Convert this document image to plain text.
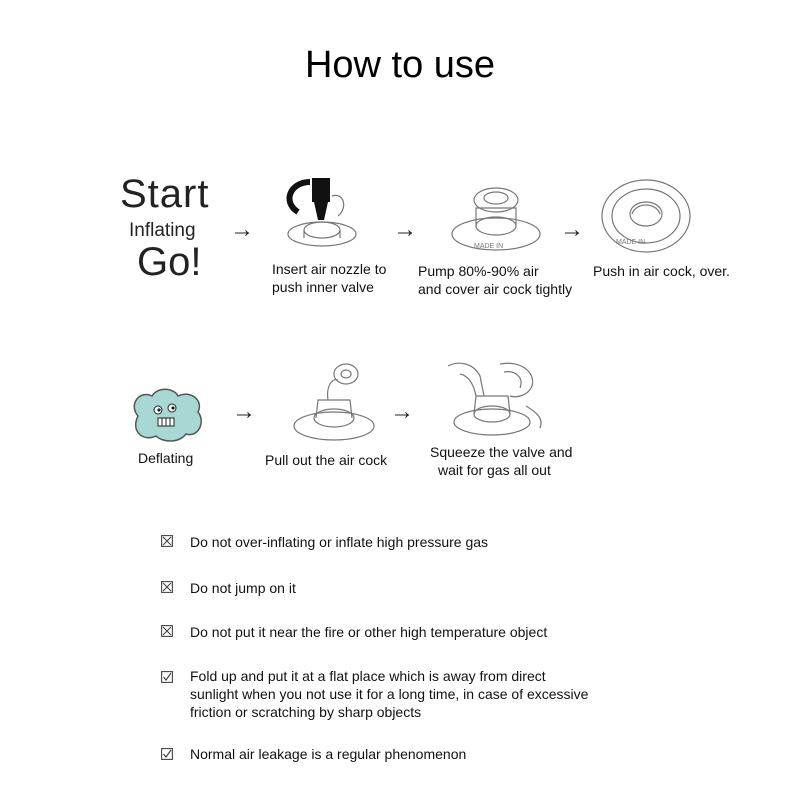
How to use
Start
Inflating
Go!
→	→	→
Insert air nozzle to
push inner valve
MADE IN
Pump 80%-90% air
and cover air cock tightly
MADE IN
Push in air cock, over.
Deflating
→	→
Pull out the air cock	Squeeze the valve and
wait for gas all out
Do not over-inflating or inflate high pressure gas
Do not jump on it
Do not put it near the fire or other high temperature object
Fold up and put it at a flat place which is away from direct
sunlight when you not use it for a long time, in case of excessive
friction or scratching by sharp objects
Normal air leakage is a regular phenomenon
